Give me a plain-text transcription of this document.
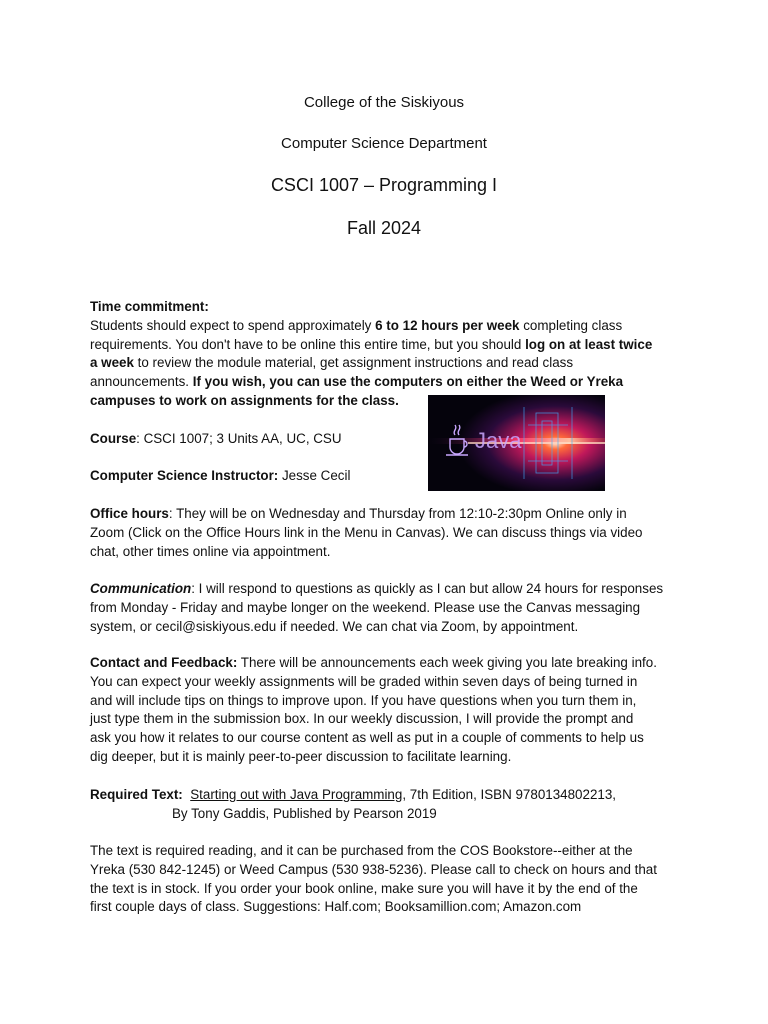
College of the Siskiyous
Computer Science Department
CSCI 1007 – Programming I
Fall 2024
Time commitment:
Students should expect to spend approximately 6 to 12 hours per week completing class
requirements. You don't have to be online this entire time, but you should log on at least twice
a week to review the module material, get assignment instructions and read class
announcements. If you wish, you can use the computers on either the Weed or Yreka
campuses to work on assignments for the class.
Course: CSCI 1007; 3 Units AA, UC, CSU
Computer Science Instructor: Jesse Cecil
Java
Office hours: They will be on Wednesday and Thursday from 12:10-2:30pm Online only in
Zoom (Click on the Office Hours link in the Menu in Canvas). We can discuss things via video
chat, other times online via appointment.
Communication: I will respond to questions as quickly as I can but allow 24 hours for responses
from Monday - Friday and maybe longer on the weekend. Please use the Canvas messaging
system, or cecil@siskiyous.edu if needed. We can chat via Zoom, by appointment.
Contact and Feedback: There will be announcements each week giving you late breaking info.
You can expect your weekly assignments will be graded within seven days of being turned in
and will include tips on things to improve upon. If you have questions when you turn them in,
just type them in the submission box. In our weekly discussion, I will provide the prompt and
ask you how it relates to our course content as well as put in a couple of comments to help us
dig deeper, but it is mainly peer-to-peer discussion to facilitate learning.
Required Text: Starting out with Java Programming, 7th Edition, ISBN 9780134802213,
By Tony Gaddis, Published by Pearson 2019
The text is required reading, and it can be purchased from the COS Bookstore--either at the
Yreka (530 842-1245) or Weed Campus (530 938-5236). Please call to check on hours and that
the text is in stock. If you order your book online, make sure you will have it by the end of the
first couple days of class. Suggestions: Half.com; Booksamillion.com; Amazon.com
